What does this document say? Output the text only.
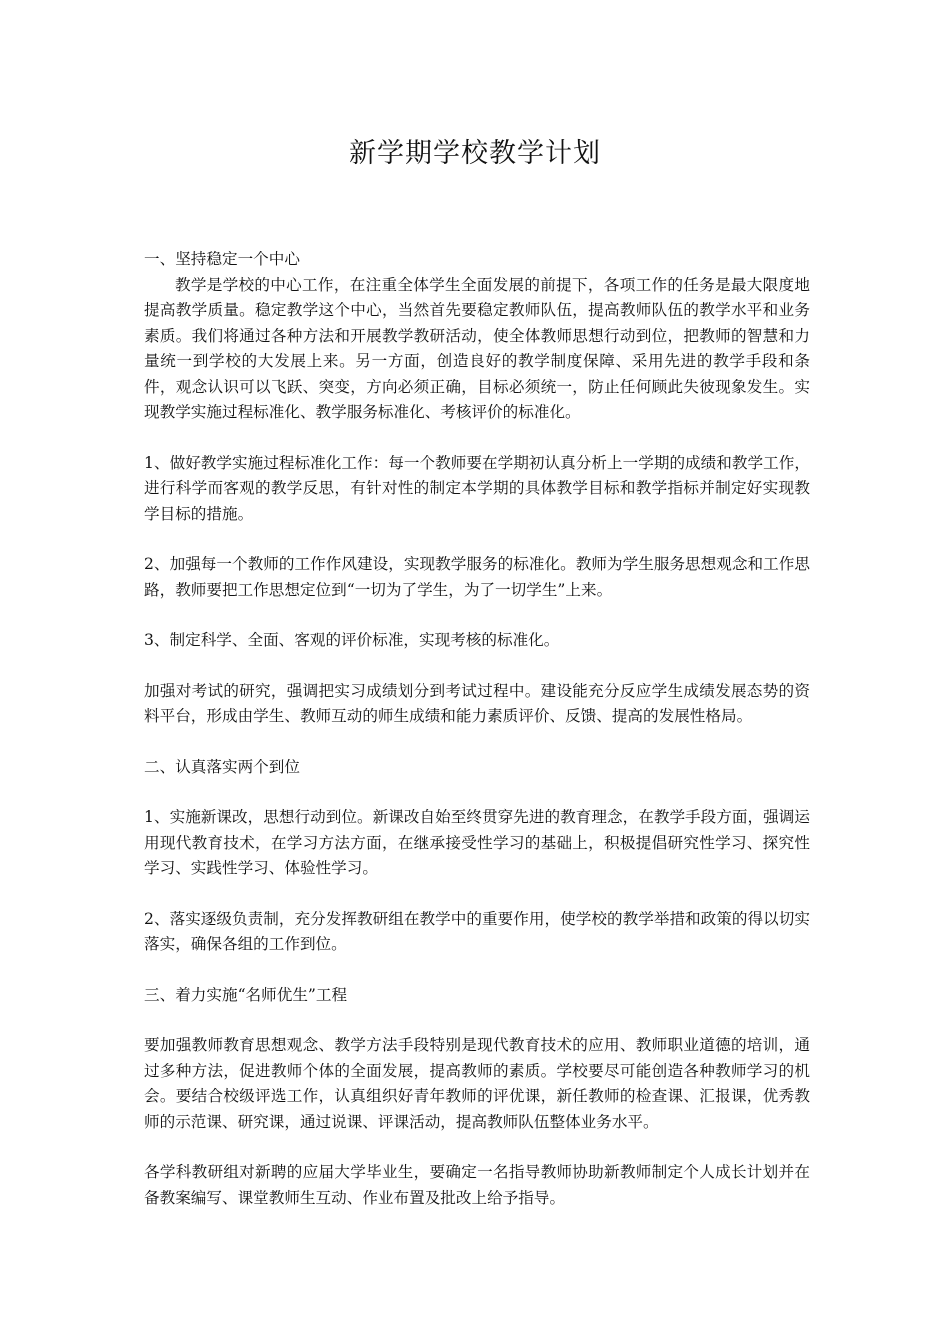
新学期学校教学计划

一、坚持稳定一个中心

教学是学校的中心工作，在注重全体学生全面发展的前提下，各项工作的任务是最大限度地提高教学质量。稳定教学这个中心，当然首先要稳定教师队伍，提高教师队伍的教学水平和业务素质。我们将通过各种方法和开展教学教研活动，使全体教师思想行动到位，把教师的智慧和力量统一到学校的大发展上来。另一方面，创造良好的教学制度保障、采用先进的教学手段和条件，观念认识可以飞跃、突变，方向必须正确，目标必须统一，防止任何顾此失彼现象发生。实现教学实施过程标准化、教学服务标准化、考核评价的标准化。

1、做好教学实施过程标准化工作：每一个教师要在学期初认真分析上一学期的成绩和教学工作，进行科学而客观的教学反思，有针对性的制定本学期的具体教学目标和教学指标并制定好实现教学目标的措施。

2、加强每一个教师的工作作风建设，实现教学服务的标准化。教师为学生服务思想观念和工作思路，教师要把工作思想定位到“一切为了学生，为了一切学生”上来。

3、制定科学、全面、客观的评价标准，实现考核的标准化。

加强对考试的研究，强调把实习成绩划分到考试过程中。建设能充分反应学生成绩发展态势的资料平台，形成由学生、教师互动的师生成绩和能力素质评价、反馈、提高的发展性格局。

二、认真落实两个到位

1、实施新课改，思想行动到位。新课改自始至终贯穿先进的教育理念，在教学手段方面，强调运用现代教育技术，在学习方法方面，在继承接受性学习的基础上，积极提倡研究性学习、探究性学习、实践性学习、体验性学习。

2、落实逐级负责制，充分发挥教研组在教学中的重要作用，使学校的教学举措和政策的得以切实落实，确保各组的工作到位。

三、着力实施“名师优生”工程

要加强教师教育思想观念、教学方法手段特别是现代教育技术的应用、教师职业道德的培训，通过多种方法，促进教师个体的全面发展，提高教师的素质。学校要尽可能创造各种教师学习的机会。要结合校级评选工作，认真组织好青年教师的评优课，新任教师的检查课、汇报课，优秀教师的示范课、研究课，通过说课、评课活动，提高教师队伍整体业务水平。

各学科教研组对新聘的应届大学毕业生，要确定一名指导教师协助新教师制定个人成长计划并在备教案编写、课堂教师生互动、作业布置及批改上给予指导。
